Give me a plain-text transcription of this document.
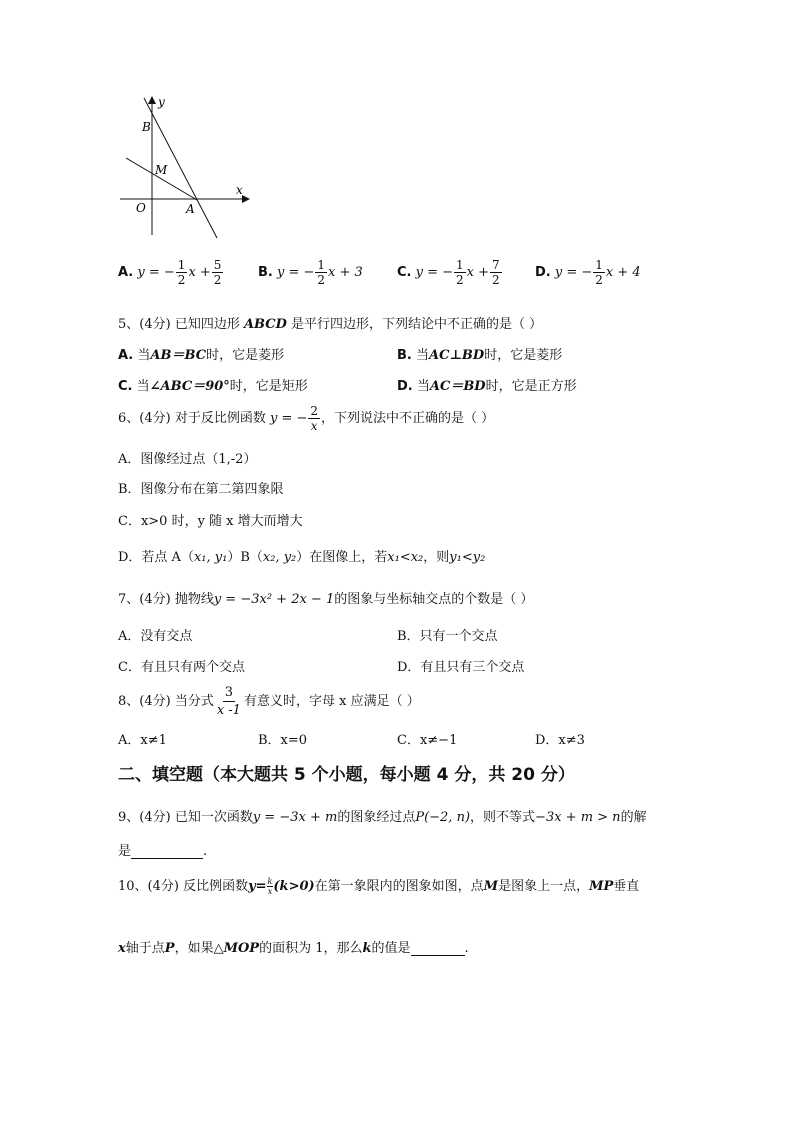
y
x
B
M
O	A
A. y = − $\frac{1}{2}$ $x + \frac{5}{2}$	B. y = − $\frac{1}{2}$ x + 3	C. y = − $\frac{1}{2}$ $x + \frac{7}{2}$	D. y = − $\frac{1}{2}$ x + 4
5、(4分) 已知四边形 ABCD 是平行四边形，下列结论中不正确的是（ ）
A. 当AB＝BC时，它是菱形	B. 当AC⊥BD时，它是菱形
C. 当∠ABC＝90°时，它是矩形	D. 当AC＝BD时，它是正方形
6、(4分) 对于反比例函数 y = − $\frac{2}{x}$ ，下列说法中不正确的是（ ）
A．图像经过点（1,-2）
B．图像分布在第二第四象限
C．x>0 时，y 随 x 增大而增大
D．若点 A（x₁, y₁）B（x₂, y₂）在图像上，若x₁<x₂，则y₁<y₂
7、(4分) 抛物线y = −3x² + 2x − 1的图象与坐标轴交点的个数是（ ）
A．没有交点	B．只有一个交点
C．有且只有两个交点	D．有且只有三个交点
8、(4分) 当分式 $\frac{3}{x -1}$ 有意义时，字母 x 应满足（ ）
A．x≠1	B．x=0	C．x≠−1	D．x≠3
二、填空题（本大题共 5 个小题，每小题 4 分，共 20 分）
9、(4分) 已知一次函数y = −3x + m的图象经过点P(−2, n)，则不等式−3x + m > n的解
是	.
10、(4分) 反比例函数$y= \frac{k}{x} (k>0)$在第一象限内的图象如图，点M是图象上一点，MP垂直
x轴于点P，如果△MOP的面积为 1，那么k的值是	.
